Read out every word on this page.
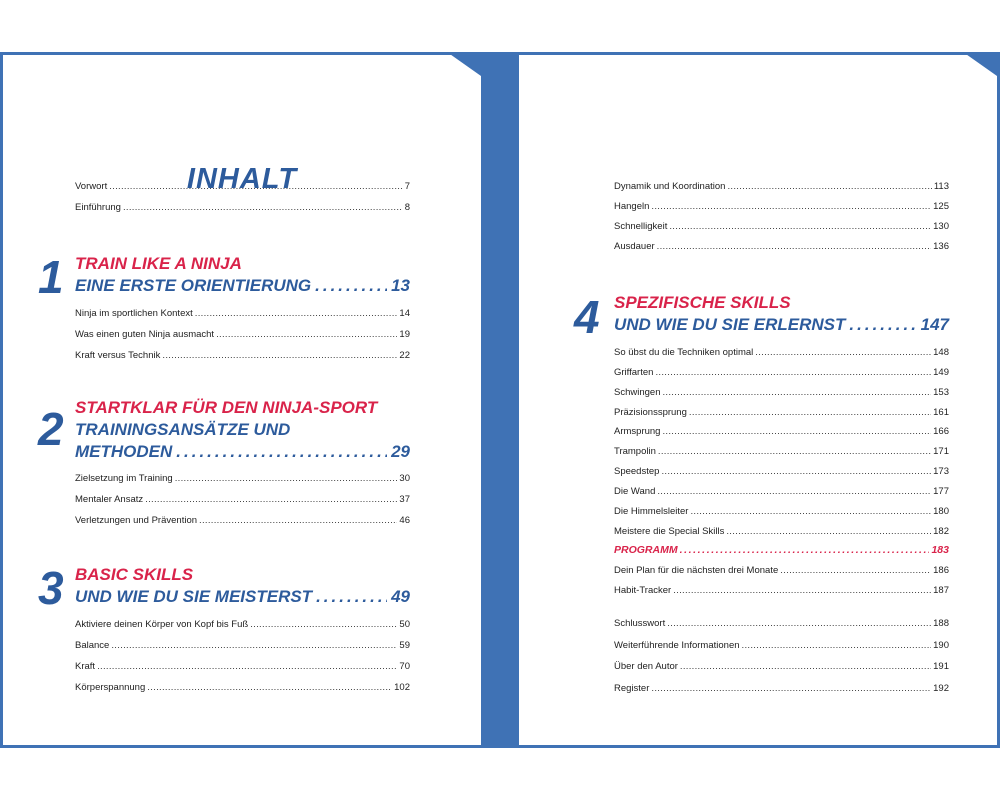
INHALT
Vorwort .....	7
Einführung .....	8
1 TRAIN LIKE A NINJA
EINE ERSTE ORIENTIERUNG .....	13
Ninja im sportlichen Kontext .....	14
Was einen guten Ninja ausmacht .....	19
Kraft versus Technik .....	22
2 STARTKLAR FÜR DEN NINJA-SPORT
TRAININGSANSÄTZE UND
METHODEN .....	29
Zielsetzung im Training .....	30
Mentaler Ansatz .....	37
Verletzungen und Prävention .....	46
3 BASIC SKILLS
UND WIE DU SIE MEISTERST .....	49
Aktiviere deinen Körper von Kopf bis Fuß .....	50
Balance .....	59
Kraft .....	70
Körperspannung .....	102
Dynamik und Koordination .....	113
Hangeln .....	125
Schnelligkeit .....	130
Ausdauer .....	136
4 SPEZIFISCHE SKILLS
UND WIE DU SIE ERLERNST .....	147
So übst du die Techniken optimal .....	148
Griffarten .....	149
Schwingen .....	153
Präzisionssprung .....	161
Armsprung .....	166
Trampolin .....	171
Speedstep .....	173
Die Wand .....	177
Die Himmelsleiter .....	180
Meistere die Special Skills .....	182
PROGRAMM .....	183
Dein Plan für die nächsten drei Monate .....	186
Habit-Tracker .....	187
Schlusswort .....	188
Weiterführende Informationen .....	190
Über den Autor .....	191
Register .....	192
